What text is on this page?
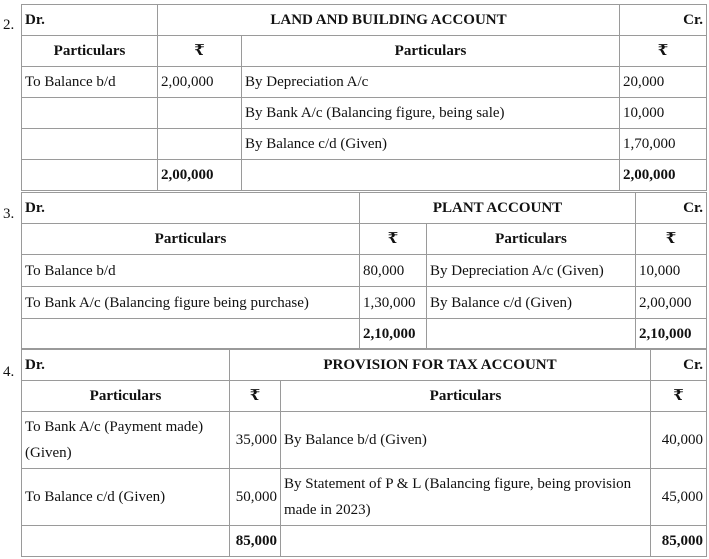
2. Dr.	LAND AND BUILDING ACCOUNT		Cr.
Particulars	₹	Particulars	₹
To Balance b/d	2,00,000	By Depreciation A/c	20,000
		By Bank A/c (Balancing figure, being sale)	10,000
		By Balance c/d (Given)	1,70,000
	2,00,000		2,00,000
3. Dr.	PLANT ACCOUNT		Cr.
Particulars	₹	Particulars	₹
To Balance b/d	80,000	By Depreciation A/c (Given)	10,000
To Bank A/c (Balancing figure being purchase)	1,30,000	By Balance c/d (Given)	2,00,000
	2,10,000		2,10,000
4. Dr.	PROVISION FOR TAX ACCOUNT		Cr.
Particulars	₹	Particulars	₹
To Bank A/c (Payment made) (Given)	35,000	By Balance b/d (Given)	40,000
To Balance c/d (Given)	50,000	By Statement of P & L (Balancing figure, being provision made in 2023)	45,000
	85,000		85,000
